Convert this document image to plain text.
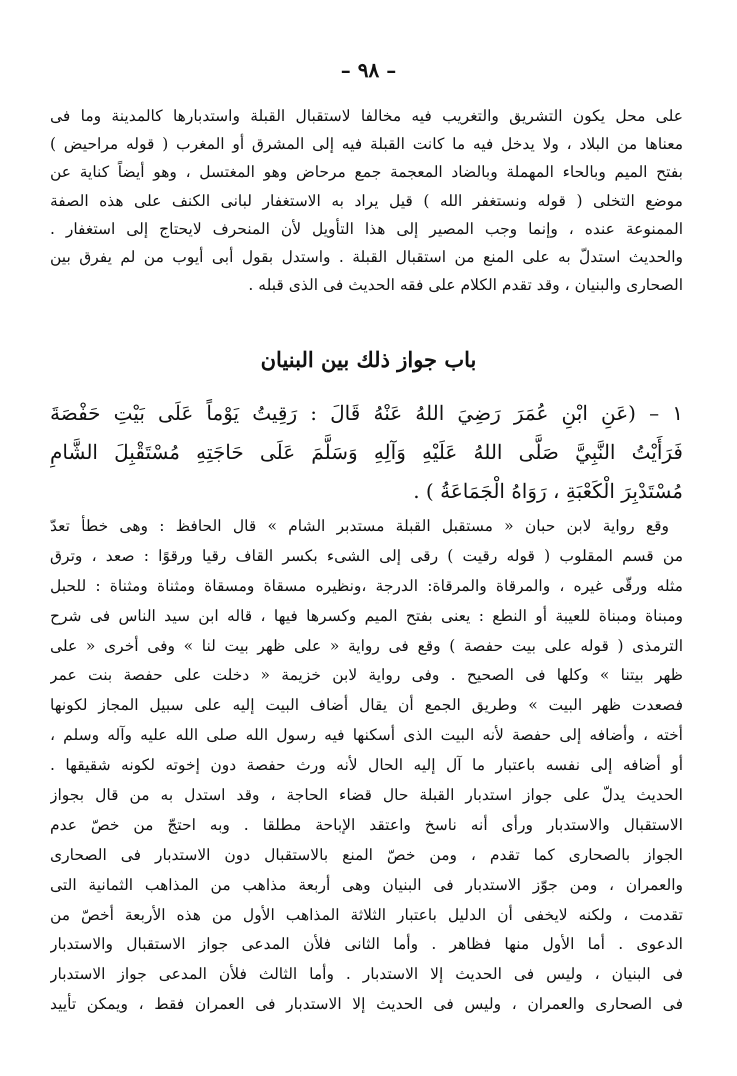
– ٩٨ –
على محل يكون التشريق والتغريب فيه مخالفا لاستقبال القبلة واستدبارها كالمدينة وما فى
معناها من البلاد ، ولا يدخل فيه ما كانت القبلة فيه إلى المشرق أو المغرب ( قوله مراحيض )
بفتح الميم وبالحاء المهملة وبالضاد المعجمة جمع مرحاض وهو المغتسل ، وهو أيضاً كناية عن
موضع التخلى ( قوله ونستغفر الله ) قيل يراد به الاستغفار لبانى الكنف على هذه الصفة
الممنوعة عنده ، وإنما وجب المصير إلى هذا التأويل لأن المنحرف لايحتاج إلى استغفار .
والحديث استدلّ به على المنع من استقبال القبلة . واستدل بقول أبى أيوب من لم يفرق بين
الصحارى والبنيان ، وقد تقدم الكلام على فقه الحديث فى الذى قبله .
باب جواز ذلك بين البنيان
١ – (عَنِ ابْنِ عُمَرَ رَضِيَ اللهُ عَنْهُ قَالَ : رَقِيتُ يَوْماً عَلَى بَيْتِ حَفْصَةَ
فَرَأَيْتُ النَّبِيَّ صَلَّى اللهُ عَلَيْهِ وَآلِهِ وَسَلَّمَ عَلَى حَاجَتِهِ مُسْتَقْبِلَ الشَّامِ
مُسْتَدْبِرَ الْكَعْبَةِ ، رَوَاهُ الْجَمَاعَةُ ) .
وقع رواية لابن حبان « مستقبل القبلة مستدبر الشام » قال الحافظ : وهى خطأ تعدّ
من قسم المقلوب ( قوله رقيت ) رقى إلى الشىء بكسر القاف رقيا ورقوًا : صعد ، وترق
مثله ورقّى غيره ، والمرقاة والمرقاة: الدرجة ،ونظيره مسقاة ومسقاة ومثناة ومثناة : للحبل
ومبناة ومبناة للعيبة أو النطع : يعنى بفتح الميم وكسرها فيها ، قاله ابن سيد الناس فى شرح
الترمذى ( قوله على بيت حفصة ) وقع فى رواية « على ظهر بيت لنا » وفى أخرى « على
ظهر بيتنا » وكلها فى الصحيح . وفى رواية لابن خزيمة « دخلت على حفصة بنت عمر
فصعدت ظهر البيت » وطريق الجمع أن يقال أضاف البيت إليه على سبيل المجاز لكونها
أخته ، وأضافه إلى حفصة لأنه البيت الذى أسكنها فيه رسول الله صلى الله عليه وآله وسلم ،
أو أضافه إلى نفسه باعتبار ما آل إليه الحال لأنه ورث حفصة دون إخوته لكونه شقيقها .
الحديث يدلّ على جواز استدبار القبلة حال قضاء الحاجة ، وقد استدل به من قال بجواز
الاستقبال والاستدبار ورأى أنه ناسخ واعتقد الإباحة مطلقا . وبه احتجّ من خصّ عدم
الجواز بالصحارى كما تقدم ، ومن خصّ المنع بالاستقبال دون الاستدبار فى الصحارى
والعمران ، ومن جوّز الاستدبار فى البنيان وهى أربعة مذاهب من المذاهب الثمانية التى
تقدمت ، ولكنه لايخفى أن الدليل باعتبار الثلاثة المذاهب الأول من هذه الأربعة أخصّ من
الدعوى . أما الأول منها فظاهر . وأما الثانى فلأن المدعى جواز الاستقبال والاستدبار
فى البنيان ، وليس فى الحديث إلا الاستدبار . وأما الثالث فلأن المدعى جواز الاستدبار
فى الصحارى والعمران ، وليس فى الحديث إلا الاستدبار فى العمران فقط ، ويمكن تأييد
